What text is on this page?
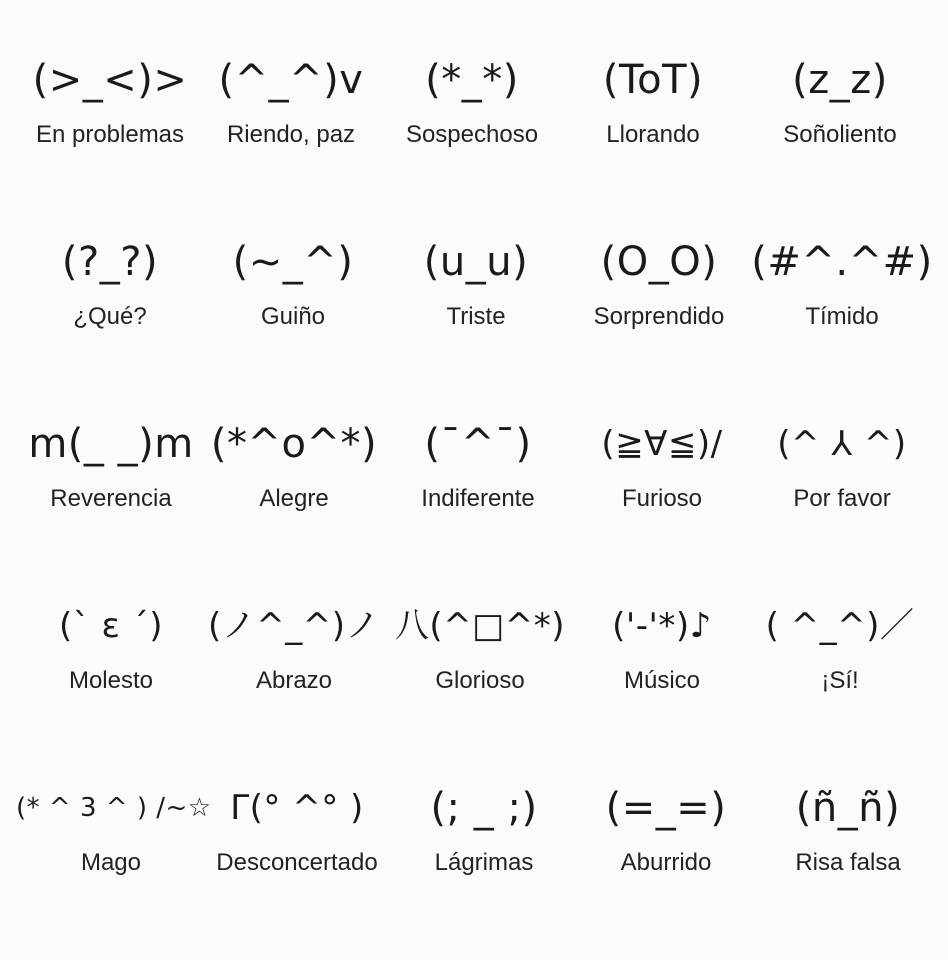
(>_<)>
En problemas
(^_^)v
Riendo, paz
(*_*)
Sospechoso
(ToT)
Llorando
(z_z)
Soñoliento
(?_?)
¿Qué?
(~_^)
Guiño
(u_u)
Triste
(O_O)
Sorprendido
(#^.^#)
Tímido
m(_ _)m
Reverencia
(*^o^*)
Alegre
(¯^¯)
Indiferente
(≧∀≦)/
Furioso
(^ ⅄ ^)
Por favor
(` ε ´)
Molesto
(ノ^_^)ノ
Abrazo
八(^□^*)
Glorioso
('-'*)♪
Músico
( ^_^)／
¡Sí!
(* ^ 3 ^ ) /~☆
Mago
Γ(° ^° )
Desconcertado
(; _ ;)
Lágrimas
(=_=)
Aburrido
(ñ_ñ)
Risa falsa
